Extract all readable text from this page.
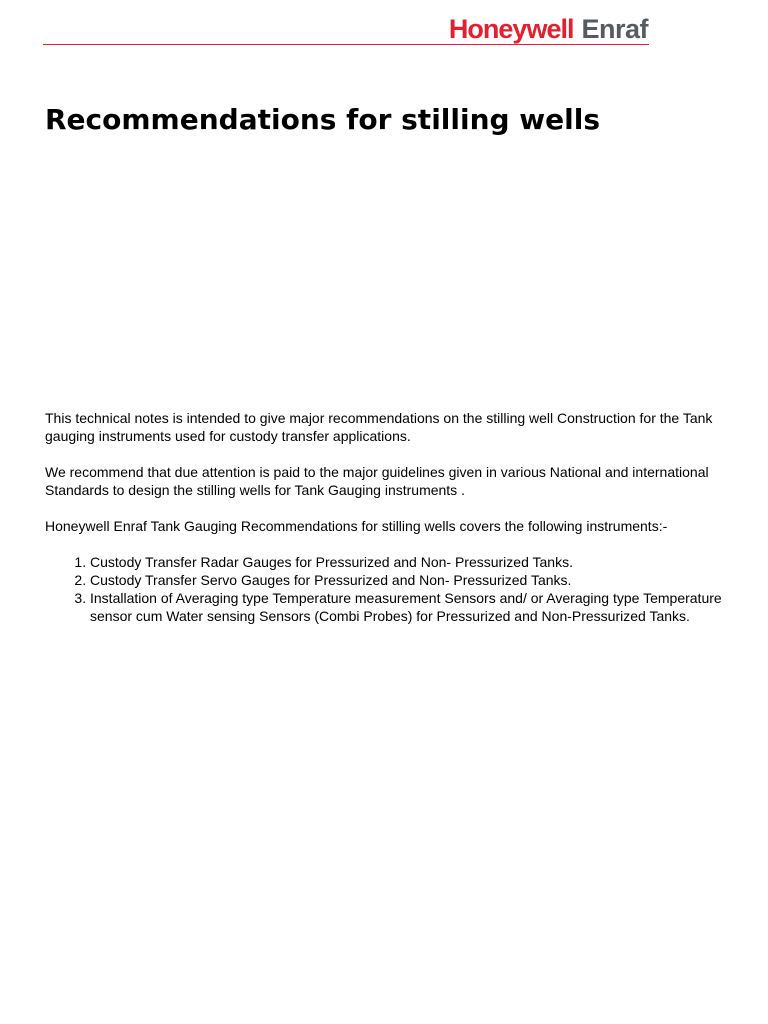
Honeywell Enraf
Recommendations for stilling wells

This technical notes is intended to give major recommendations on the stilling well Construction for the Tank gauging instruments used for custody transfer applications.

We recommend that due attention is paid to the major guidelines given in various National and international Standards to design the stilling wells for Tank Gauging instruments .

Honeywell Enraf Tank Gauging Recommendations for stilling wells covers the following instruments:-

1. Custody Transfer Radar Gauges for Pressurized and Non- Pressurized Tanks.
2. Custody Transfer Servo Gauges for Pressurized and Non- Pressurized Tanks.
3. Installation of Averaging type Temperature measurement Sensors and/ or Averaging type Temperature sensor cum Water sensing Sensors (Combi Probes) for Pressurized and Non-Pressurized Tanks.
